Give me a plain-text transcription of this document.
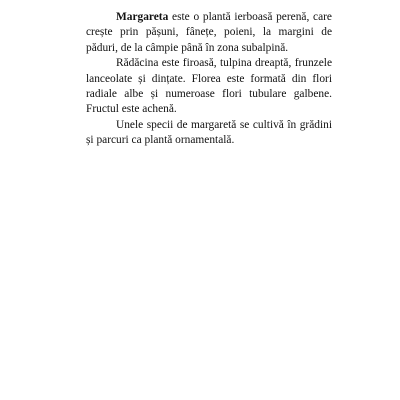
Margareta este o plantă ierboasă perenă, care crește prin pășuni, fânețe, poieni, la margini de păduri, de la câmpie până în zona subalpină.

Rădăcina este firoasă, tulpina dreaptă, frunzele lanceolate și dințate. Florea este formată din flori radiale albe și numeroase flori tubulare galbene. Fructul este achenă.

Unele specii de margaretă se cultivă în grădini și parcuri ca plantă ornamentală.
